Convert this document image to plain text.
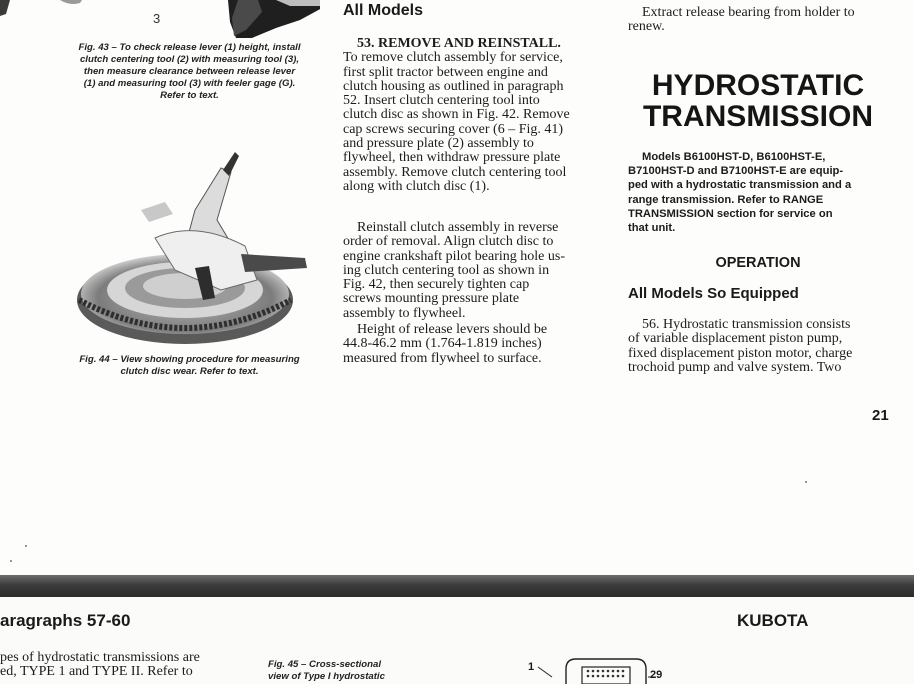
3
Fig. 43 – To check release lever (1) height, install
clutch centering tool (2) with measuring tool (3),
then measure clearance between release lever
(1) and measuring tool (3) with feeler gage (G).
Refer to text.
Fig. 44 – View showing procedure for measuring
clutch disc wear. Refer to text.
All Models
53. REMOVE AND REINSTALL.
To remove clutch assembly for service,
first split tractor between engine and
clutch housing as outlined in paragraph
52. Insert clutch centering tool into
clutch disc as shown in Fig. 42. Remove
cap screws securing cover (6 – Fig. 41)
and pressure plate (2) assembly to
flywheel, then withdraw pressure plate
assembly. Remove clutch centering tool
along with clutch disc (1).
Reinstall clutch assembly in reverse
order of removal. Align clutch disc to
engine crankshaft pilot bearing hole us-
ing clutch centering tool as shown in
Fig. 42, then securely tighten cap
screws mounting pressure plate
assembly to flywheel.
Height of release levers should be
44.8-46.2 mm (1.764-1.819 inches)
measured from flywheel to surface.
Extract release bearing from holder to
renew.
HYDROSTATIC
TRANSMISSION
Models B6100HST-D, B6100HST-E,
B7100HST-D and B7100HST-E are equip-
ped with a hydrostatic transmission and a
range transmission. Refer to RANGE
TRANSMISSION section for service on
that unit.
OPERATION
All Models So Equipped
56. Hydrostatic transmission consists
of variable displacement piston pump,
fixed displacement piston motor, charge
trochoid pump and valve system. Two
21
aragraphs 57-60	KUBOTA
pes of hydrostatic transmissions are
ed, TYPE 1 and TYPE II. Refer to	Fig. 45 – Cross-sectional
view of Type I hydrostatic
1
29
